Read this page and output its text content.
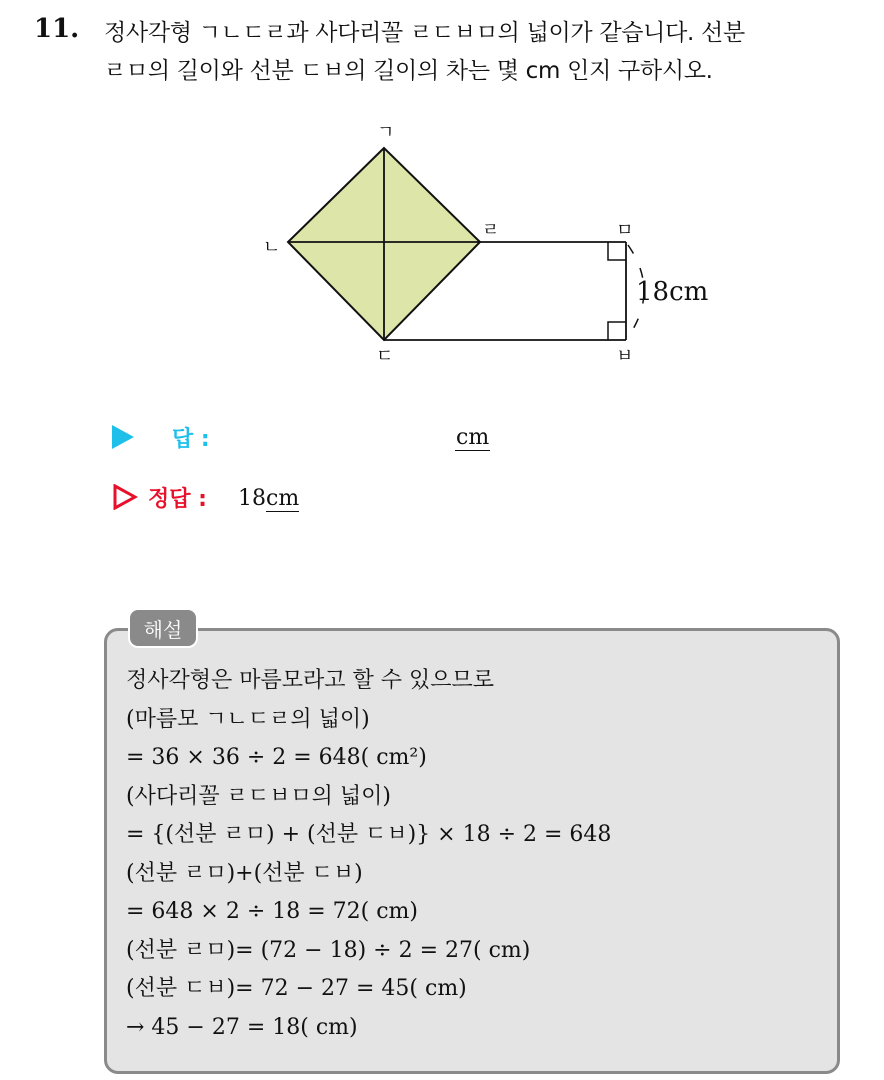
11. 정사각형 ㄱㄴㄷㄹ과 사다리꼴 ㄹㄷㅂㅁ의 넓이가 같습니다. 선분
ㄹㅁ의 길이와 선분 ㄷㅂ의 길이의 차는 몇 cm 인지 구하시오.
ㄱ
ㄴ
ㄷ
ㄹ	ㅁ
ㅂ
18cm
답 :	cm
정답 : 18cm
해설
정사각형은 마름모라고 할 수 있으므로
(마름모 ㄱㄴㄷㄹ의 넓이)
= 36 × 36 ÷ 2 = 648( cm²)
(사다리꼴 ㄹㄷㅂㅁ의 넓이)
= {(선분 ㄹㅁ) + (선분 ㄷㅂ)} × 18 ÷ 2 = 648
(선분 ㄹㅁ)+(선분 ㄷㅂ)
= 648 × 2 ÷ 18 = 72( cm)
(선분 ㄹㅁ)= (72 − 18) ÷ 2 = 27( cm)
(선분 ㄷㅂ)= 72 − 27 = 45( cm)
→ 45 − 27 = 18( cm)
